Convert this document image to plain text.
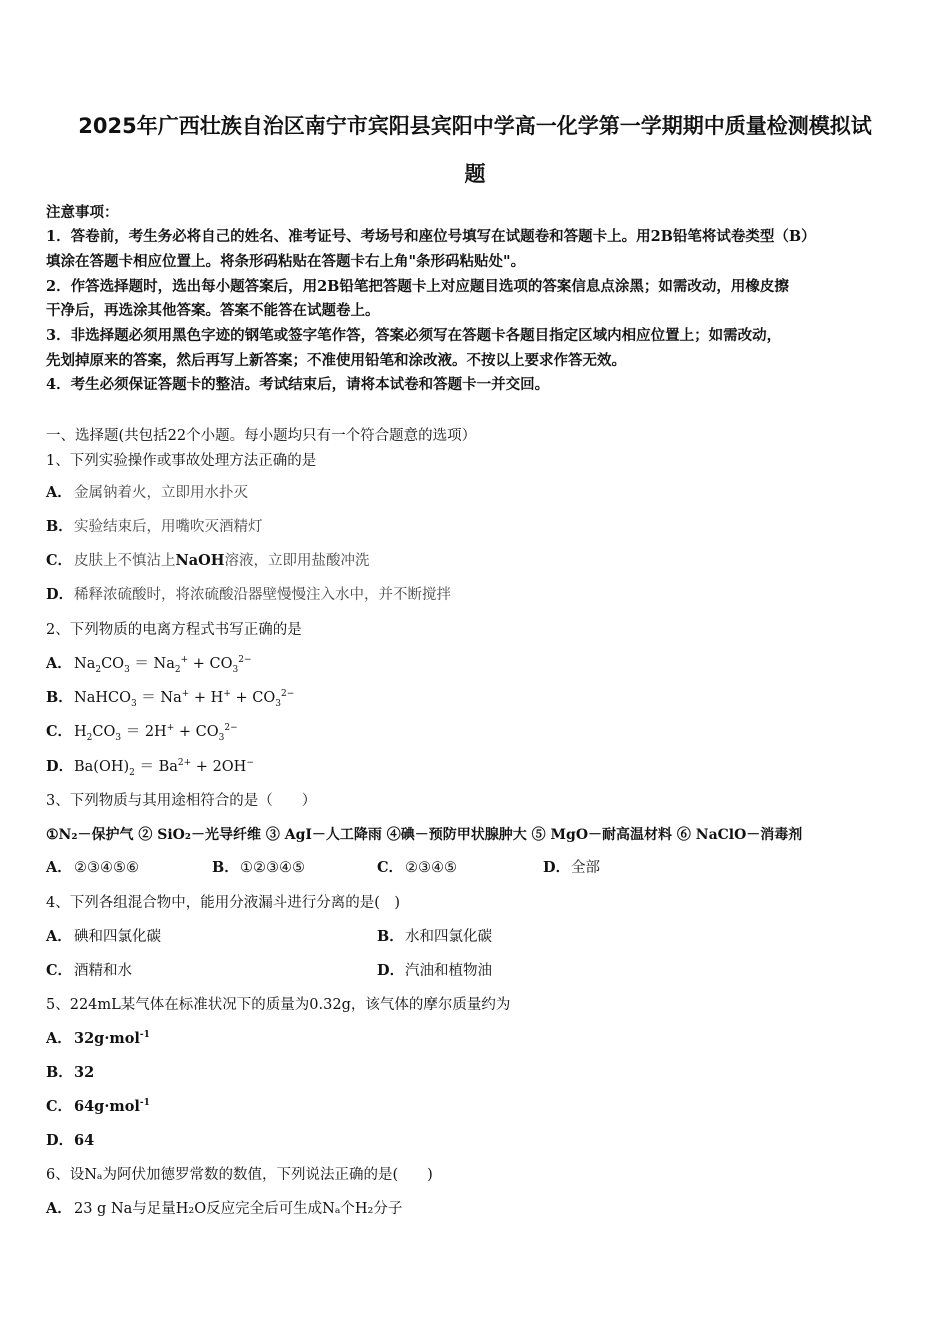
2025年广西壮族自治区南宁市宾阳县宾阳中学高一化学第一学期期中质量检测模拟试
题
注意事项：
1．答卷前，考生务必将自己的姓名、准考证号、考场号和座位号填写在试题卷和答题卡上。用2B铅笔将试卷类型（B）
填涂在答题卡相应位置上。将条形码粘贴在答题卡右上角"条形码粘贴处"。
2．作答选择题时，选出每小题答案后，用2B铅笔把答题卡上对应题目选项的答案信息点涂黑；如需改动，用橡皮擦
干净后，再选涂其他答案。答案不能答在试题卷上。
3．非选择题必须用黑色字迹的钢笔或签字笔作答，答案必须写在答题卡各题目指定区域内相应位置上；如需改动，
先划掉原来的答案，然后再写上新答案；不准使用铅笔和涂改液。不按以上要求作答无效。
4．考生必须保证答题卡的整洁。考试结束后，请将本试卷和答题卡一并交回。
一、选择题(共包括22个小题。每小题均只有一个符合题意的选项）
1、下列实验操作或事故处理方法正确的是
A． 金属钠着火，立即用水扑灭
B．实验结束后，用嘴吹灭酒精灯
C． 皮肤上不慎沾上NaOH溶液，立即用盐酸冲洗
D．稀释浓硫酸时，将浓硫酸沿器壁慢慢注入水中，并不断搅拌
2、下列物质的电离方程式书写正确的是
A． $Na_2CO_3 = Na_2^+ + CO_3^{2-}$
B．NaHCO$_3$ ＝ $Na^+ + H^+ + CO_3^{2-}$
C． $H_2CO_3 = 2H^+ + CO_3^{2-}$
D．$Ba(OH)_2 = Ba^{2+} + 2OH^-$
3、下列物质与其用途相符合的是（　　）
①N₂－保护气 ② SiO₂－光导纤维 ③ AgI－人工降雨 ④碘－预防甲状腺肿大 ⑤ MgO－耐高温材料 ⑥ NaClO－消毒剂
A． ②③④⑤⑥	B．①②③④⑤	C． ②③④⑤	D．全部
4、下列各组混合物中，能用分液漏斗进行分离的是(　)
A． 碘和四氯化碳	B．水和四氯化碳
C． 酒精和水	D．汽油和植物油
5、224mL某气体在标准状况下的质量为0.32g，该气体的摩尔质量约为
A． 32g·mol$^{-1}$
B．32
C． 64g·mol$^{-1}$
D．64
6、设Nₐ为阿伏加德罗常数的数值，下列说法正确的是(　　)
A． 23 g Na与足量H₂O反应完全后可生成Nₐ个H₂分子
